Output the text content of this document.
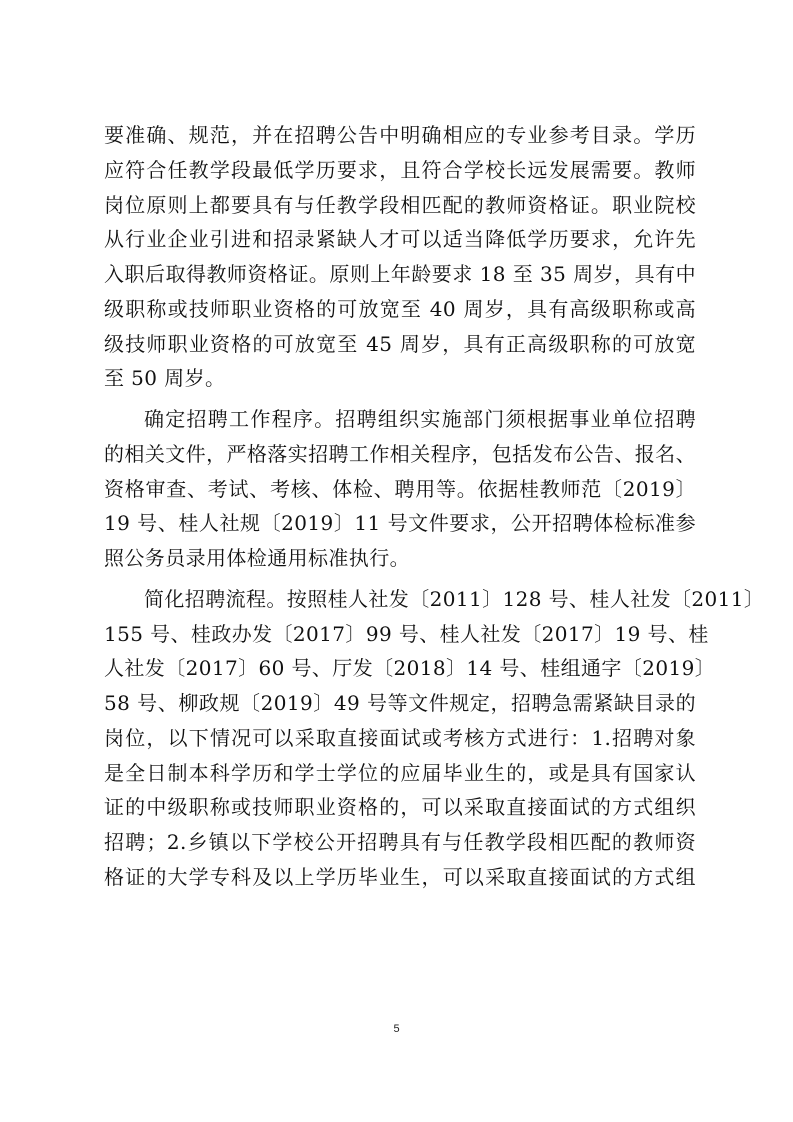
要准确、规范，并在招聘公告中明确相应的专业参考目录。学历
应符合任教学段最低学历要求，且符合学校长远发展需要。教师
岗位原则上都要具有与任教学段相匹配的教师资格证。职业院校
从行业企业引进和招录紧缺人才可以适当降低学历要求，允许先
入职后取得教师资格证。原则上年龄要求 18 至 35 周岁，具有中
级职称或技师职业资格的可放宽至 40 周岁，具有高级职称或高
级技师职业资格的可放宽至 45 周岁，具有正高级职称的可放宽
至 50 周岁。
确定招聘工作程序。招聘组织实施部门须根据事业单位招聘
的相关文件，严格落实招聘工作相关程序，包括发布公告、报名、
资格审查、考试、考核、体检、聘用等。依据桂教师范〔2019〕
19 号、桂人社规〔2019〕11 号文件要求，公开招聘体检标准参
照公务员录用体检通用标准执行。
简化招聘流程。按照桂人社发〔2011〕128 号、桂人社发〔2011〕
155 号、桂政办发〔2017〕99 号、桂人社发〔2017〕19 号、桂
人社发〔2017〕60 号、厅发〔2018〕14 号、桂组通字〔2019〕
58 号、柳政规〔2019〕49 号等文件规定，招聘急需紧缺目录的
岗位，以下情况可以采取直接面试或考核方式进行：1.招聘对象
是全日制本科学历和学士学位的应届毕业生的，或是具有国家认
证的中级职称或技师职业资格的，可以采取直接面试的方式组织
招聘；2.乡镇以下学校公开招聘具有与任教学段相匹配的教师资
格证的大学专科及以上学历毕业生，可以采取直接面试的方式组
5
